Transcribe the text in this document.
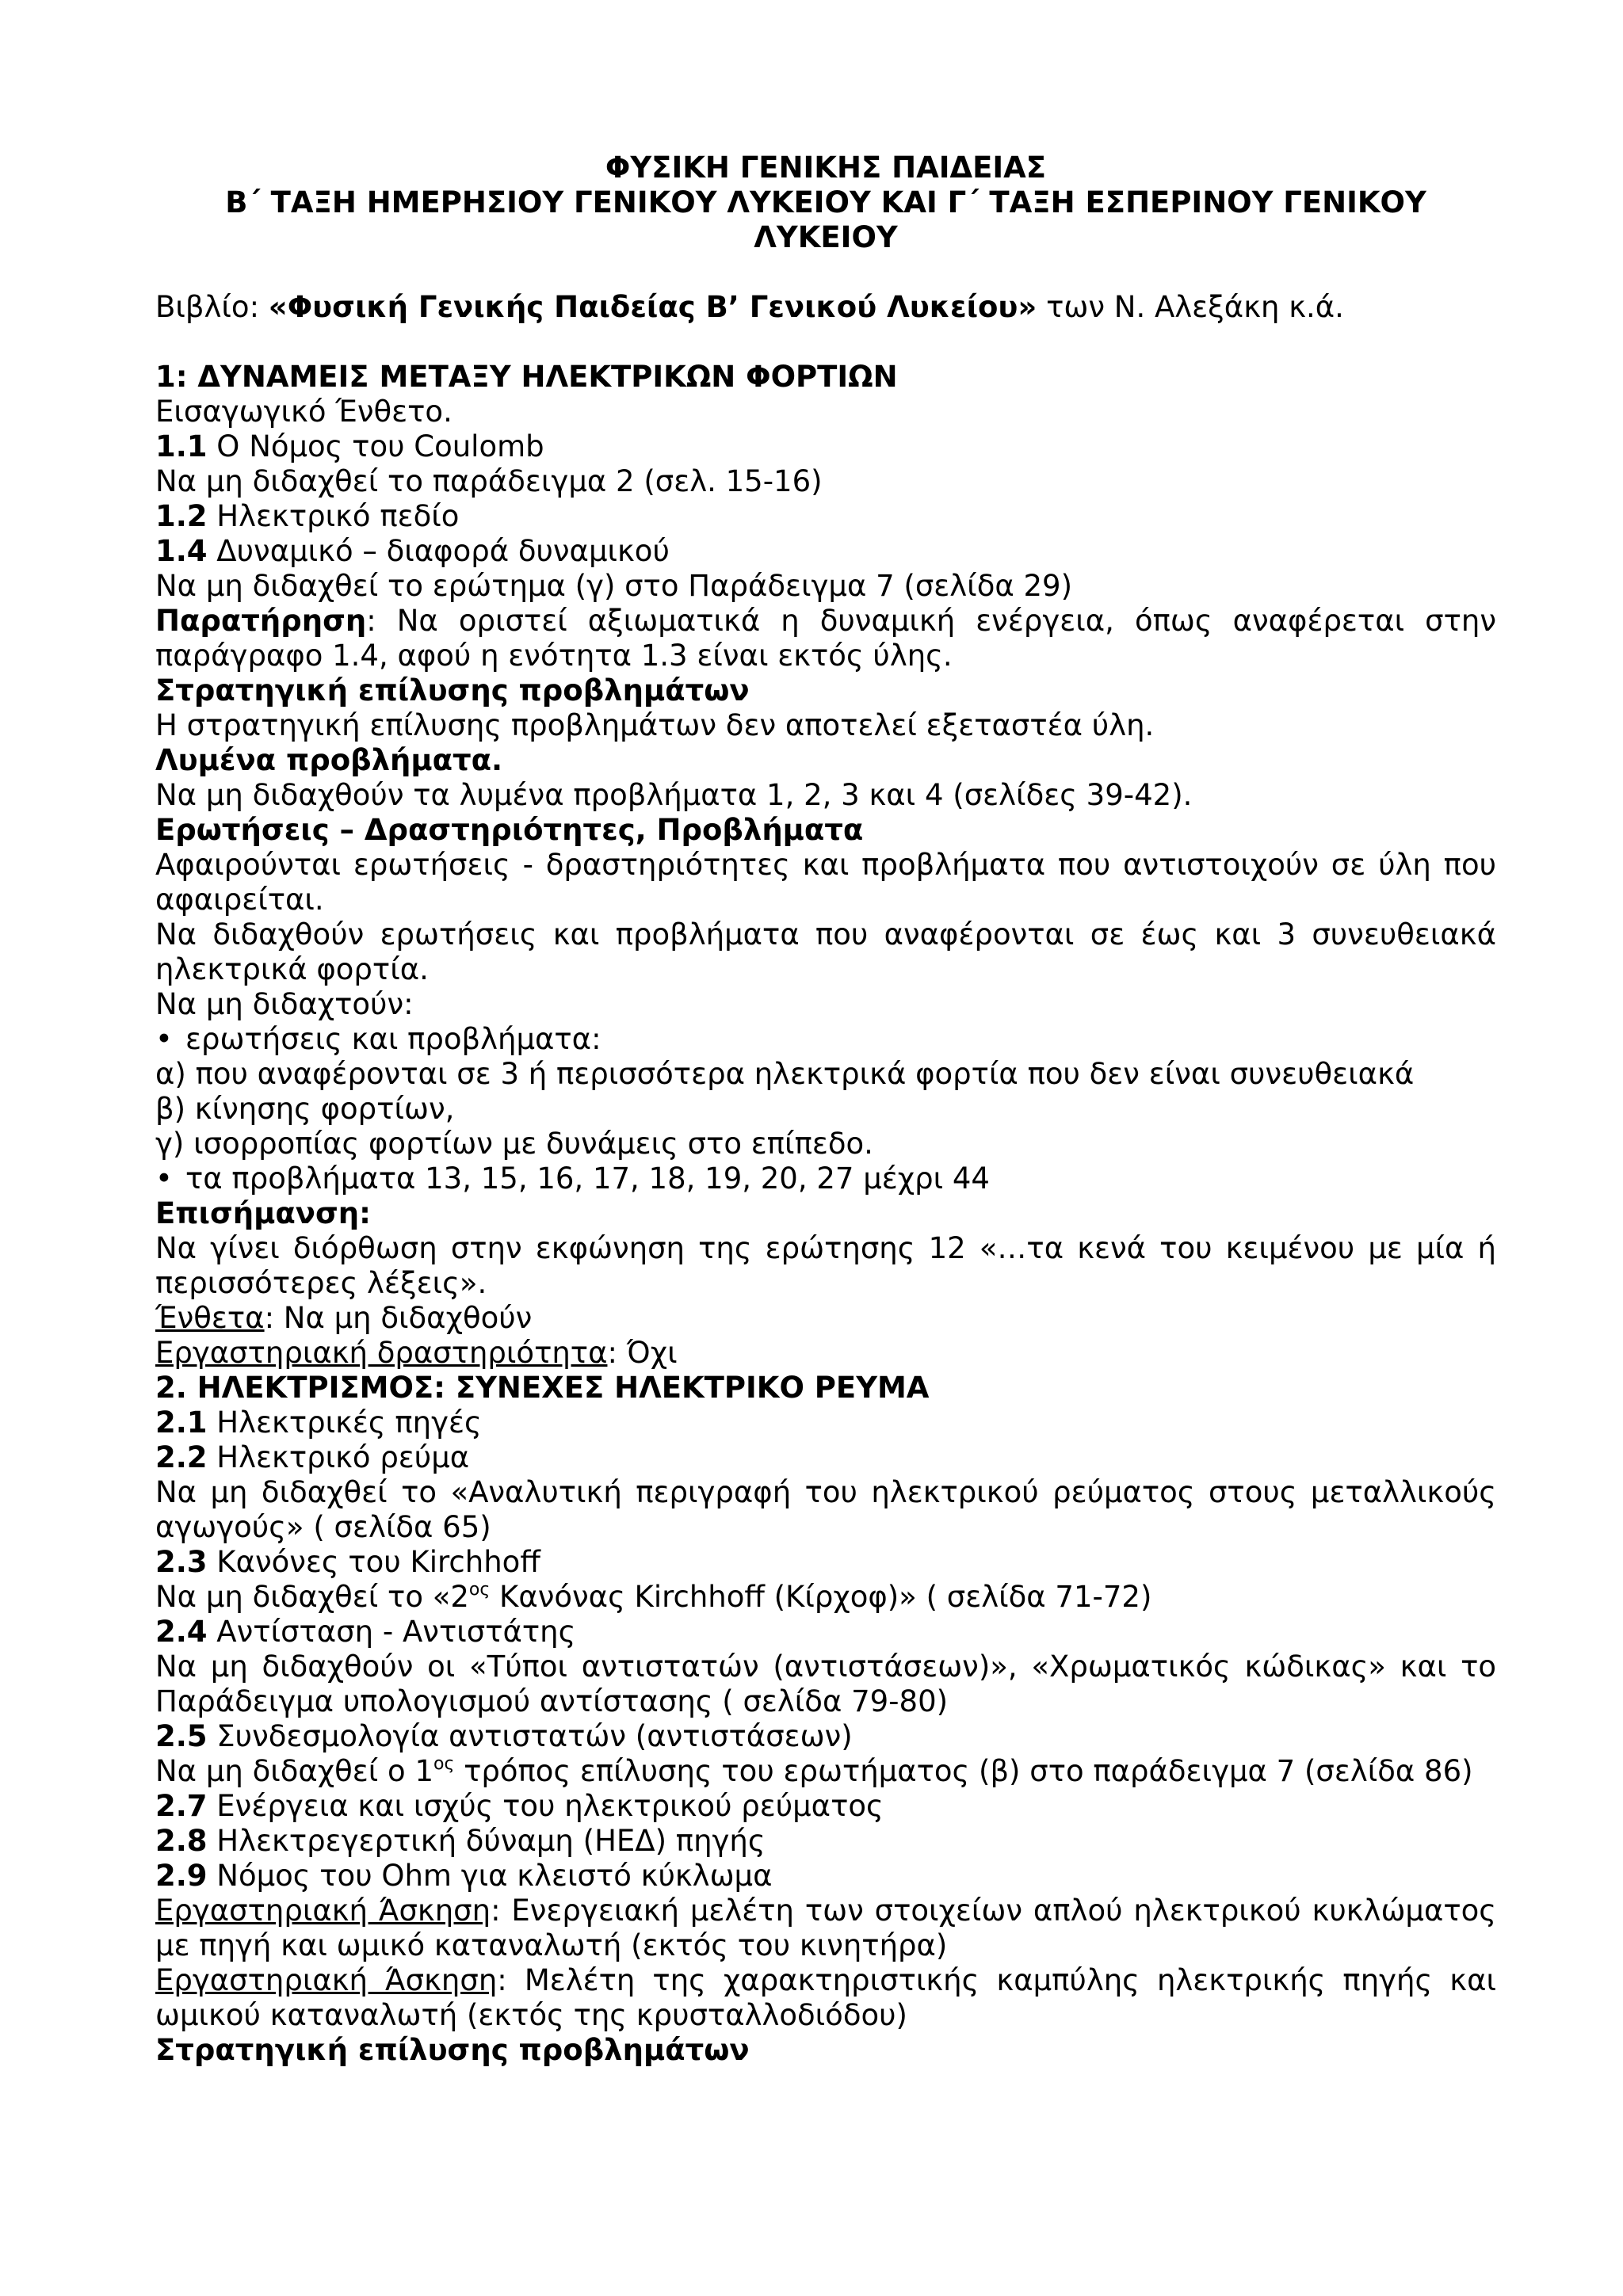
ΦΥΣΙΚΗ ΓΕΝΙΚΗΣ ΠΑΙΔΕΙΑΣ

Β΄ ΤΑΞΗ ΗΜΕΡΗΣΙΟΥ ΓΕΝΙΚΟΥ ΛΥΚΕΙΟΥ ΚΑΙ Γ΄ ΤΑΞΗ ΕΣΠΕΡΙΝΟΥ ΓΕΝΙΚΟΥ

ΛΥΚΕΙΟΥ

Βιβλίο: «Φυσική Γενικής Παιδείας Β’ Γενικού Λυκείου» των Ν. Αλεξάκη κ.ά.

1: ΔΥΝΑΜΕΙΣ ΜΕΤΑΞΥ ΗΛΕΚΤΡΙΚΩΝ ΦΟΡΤΙΩΝ

Εισαγωγικό Ένθετο.

1.1 Ο Νόμος του Coulomb

Να μη διδαχθεί το παράδειγμα 2 (σελ. 15-16)

1.2 Ηλεκτρικό πεδίο

1.4 Δυναμικό – διαφορά δυναμικού

Να μη διδαχθεί το ερώτημα (γ) στο Παράδειγμα 7 (σελίδα 29)

Παρατήρηση: Να οριστεί αξιωματικά η δυναμική ενέργεια, όπως αναφέρεται στην παράγραφο 1.4, αφού η ενότητα 1.3 είναι εκτός ύλης.

Στρατηγική επίλυσης προβλημάτων

Η στρατηγική επίλυσης προβλημάτων δεν αποτελεί εξεταστέα ύλη.

Λυμένα προβλήματα.

Να μη διδαχθούν τα λυμένα προβλήματα 1, 2, 3 και 4 (σελίδες 39-42).

Ερωτήσεις – Δραστηριότητες, Προβλήματα

Αφαιρούνται ερωτήσεις - δραστηριότητες και προβλήματα που αντιστοιχούν σε ύλη που αφαιρείται.

Να διδαχθούν ερωτήσεις και προβλήματα που αναφέρονται σε έως και 3 συνευθειακά ηλεκτρικά φορτία.

Να μη διδαχτούν:

• ερωτήσεις και προβλήματα:

α) που αναφέρονται σε 3 ή περισσότερα ηλεκτρικά φορτία που δεν είναι συνευθειακά

β) κίνησης φορτίων,

γ) ισορροπίας φορτίων με δυνάμεις στο επίπεδο.

• τα προβλήματα 13, 15, 16, 17, 18, 19, 20, 27 μέχρι 44

Επισήμανση:

Να γίνει διόρθωση στην εκφώνηση της ερώτησης 12 «…τα κενά του κειμένου με μία ή περισσότερες λέξεις».

Ένθετα: Να μη διδαχθούν

Εργαστηριακή δραστηριότητα: Όχι

2. ΗΛΕΚΤΡΙΣΜΟΣ: ΣΥΝΕΧΕΣ ΗΛΕΚΤΡΙΚΟ ΡΕΥΜΑ

2.1 Ηλεκτρικές πηγές

2.2 Ηλεκτρικό ρεύμα

Να μη διδαχθεί το «Αναλυτική περιγραφή του ηλεκτρικού ρεύματος στους μεταλλικούς αγωγούς» ( σελίδα 65)

2.3 Κανόνες του Kirchhoff

Να μη διδαχθεί το «$2^{o\varsigma}$ Κανόνας Kirchhoff (Κίρχοφ)» ( σελίδα 71-72)

2.4 Αντίσταση - Αντιστάτης

Να μη διδαχθούν οι «Τύποι αντιστατών (αντιστάσεων)», «Χρωματικός κώδικας» και το Παράδειγμα υπολογισμού αντίστασης ( σελίδα 79-80)

2.5 Συνδεσμολογία αντιστατών (αντιστάσεων)

Να μη διδαχθεί ο $1^{o\varsigma}$ τρόπος επίλυσης του ερωτήματος (β) στο παράδειγμα 7 (σελίδα 86)

2.7 Ενέργεια και ισχύς του ηλεκτρικού ρεύματος

2.8 Ηλεκτρεγερτική δύναμη (ΗΕΔ) πηγής

2.9 Νόμος του Ohm για κλειστό κύκλωμα

Εργαστηριακή Άσκηση: Ενεργειακή μελέτη των στοιχείων απλού ηλεκτρικού κυκλώματος με πηγή και ωμικό καταναλωτή (εκτός του κινητήρα)

Εργαστηριακή Άσκηση: Μελέτη της χαρακτηριστικής καμπύλης ηλεκτρικής πηγής και ωμικού καταναλωτή (εκτός της κρυσταλλοδιόδου)

Στρατηγική επίλυσης προβλημάτων
